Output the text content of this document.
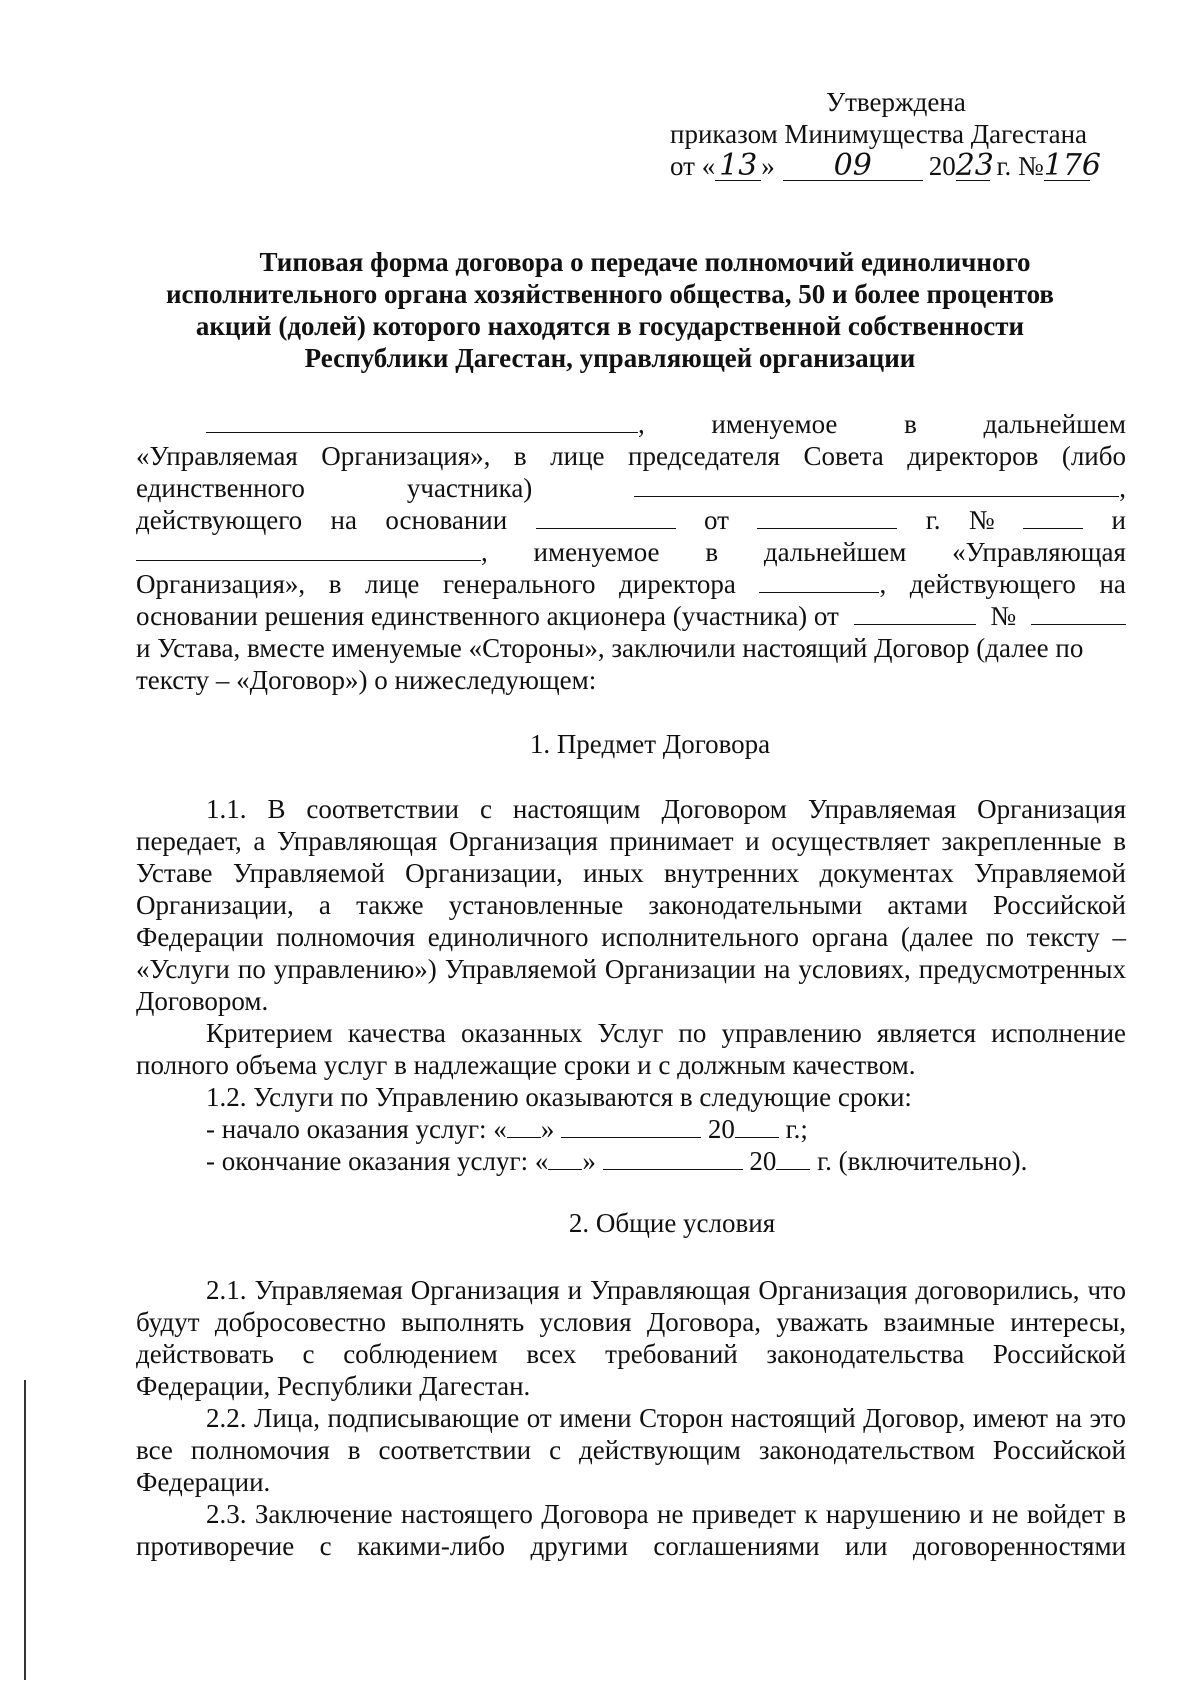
Утверждена
приказом Минимущества Дагестана
от « 13 » 09 2023 г. №176
Типовая форма договора о передаче полномочий единоличного
исполнительного органа хозяйственного общества, 50 и более процентов
акций (долей) которого находятся в государственной собственности
Республики Дагестан, управляющей организации
, именуемое в дальнейшем
«Управляемая Организация», в лице председателя Совета директоров (либо
единственного	участника)	,
действующего на основании	от	г. №	и
, именуемое в дальнейшем «Управляющая
Организация», в лице генерального директора	, действующего на
основании решения единственного акционера (участника) от	№
и Устава, вместе именуемые «Стороны», заключили настоящий Договор (далее по
тексту – «Договор») о нижеследующем:
1. Предмет Договора

1.1. В соответствии с настоящим Договором Управляемая Организация передает, а Управляющая Организация принимает и осуществляет закрепленные в Уставе Управляемой Организации, иных внутренних документах Управляемой Организации, а также установленные законодательными актами Российской Федерации полномочия единоличного исполнительного органа (далее по тексту – «Услуги по управлению») Управляемой Организации на условиях, предусмотренных Договором.

Критерием качества оказанных Услуг по управлению является исполнение полного объема услуг в надлежащие сроки и с должным качеством.

1.2. Услуги по Управлению оказываются в следующие сроки:

- начало оказания услуг: « »

	20
г.;
- окончание оказания услуг: « »

	20
г. (включительно).
2. Общие условия

2.1. Управляемая Организация и Управляющая Организация договорились, что будут добросовестно выполнять условия Договора, уважать взаимные интересы, действовать с соблюдением всех требований законодательства Российской Федерации, Республики Дагестан.

2.2. Лица, подписывающие от имени Сторон настоящий Договор, имеют на это все полномочия в соответствии с действующим законодательством Российской Федерации.

2.3. Заключение настоящего Договора не приведет к нарушению и не войдет в противоречие с какими-либо другими соглашениями или договоренностями
